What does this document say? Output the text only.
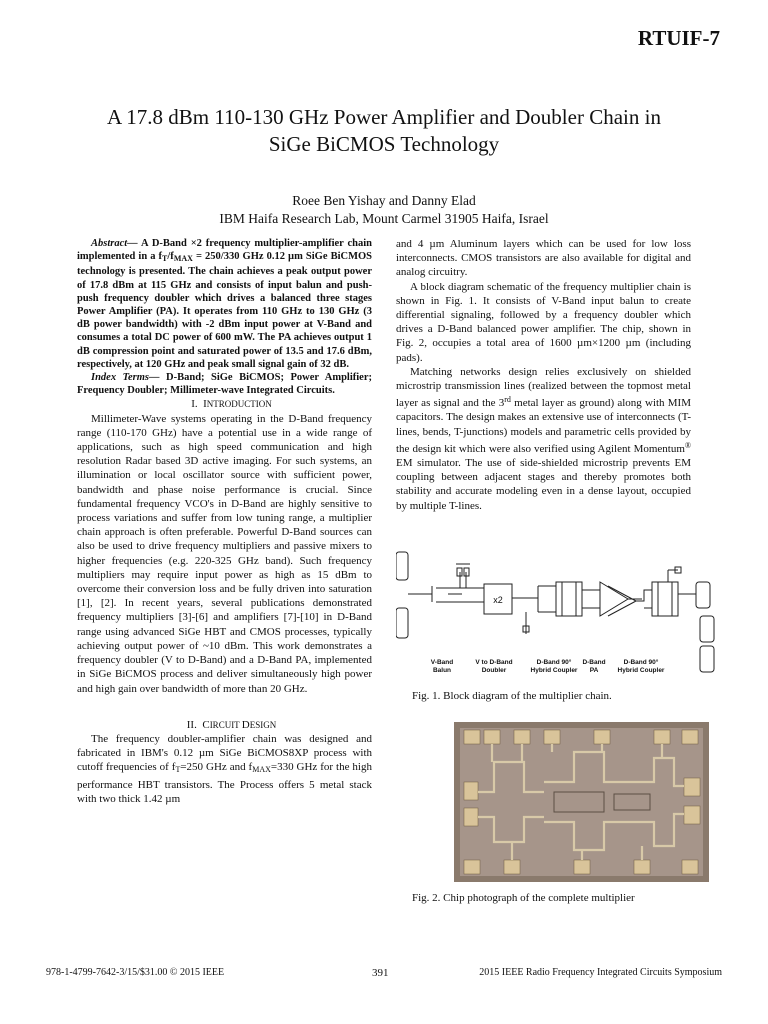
RTUIF-7
A 17.8 dBm 110-130 GHz Power Amplifier and Doubler Chain in
SiGe BiCMOS Technology
Roee Ben Yishay and Danny Elad
IBM Haifa Research Lab, Mount Carmel 31905 Haifa, Israel

Abstract— A D-Band ×2 frequency multiplier-amplifier chain implemented in a $f_T/f_{MAX} = 250/330$ GHz 0.12 µm SiGe BiCMOS technology is presented. The chain achieves a peak output power of 17.8 dBm at 115 GHz and consists of input balun and push-push frequency doubler which drives a balanced three stages Power Amplifier (PA). It operates from 110 GHz to 130 GHz (3 dB power bandwidth) with -2 dBm input power at V-Band and consumes a total DC power of 600 mW. The PA achieves output 1 dB compression point and saturated power of 13.5 and 17.6 dBm, respectively, at 120 GHz and peak small signal gain of 32 dB.

Index Terms— D-Band; SiGe BiCMOS; Power Amplifier; Frequency Doubler; Millimeter-wave Integrated Circuits.

I. INTRODUCTION

Millimeter-Wave systems operating in the D-Band frequency range (110-170 GHz) have a potential use in a wide range of applications, such as high speed communication and high resolution Radar based 3D active imaging. For such systems, an illumination or local oscillator source with sufficient power, bandwidth and phase noise performance is crucial. Since fundamental frequency VCO's in D-Band are highly sensitive to process variations and suffer from low tuning range, a multiplier chain approach is often preferable. Powerful D-Band sources can also be used to drive frequency multipliers and passive mixers to higher frequencies (e.g. 220-325 GHz band). Such frequency multipliers may require input power as high as 15 dBm to overcome their conversion loss and be fully driven into saturation [1], [2]. In recent years, several publications demonstrated frequency multipliers [3]-[6] and amplifiers [7]-[10] in D-Band range using advanced SiGe HBT and CMOS processes, typically achieving output power of ~10 dBm. This work demonstrates a frequency doubler (V to D-Band) and a D-Band PA, implemented in SiGe BiCMOS process and deliver simultaneously high power and high gain over bandwidth of more than 20 GHz.

II. CIRCUIT DESIGN

The frequency doubler-amplifier chain was designed and fabricated in IBM's 0.12 µm SiGe BiCMOS8XP process with cutoff frequencies of $f_T=250$ GHz and $f_{MAX}=330$ GHz for the high performance HBT transistors. The Process offers 5 metal stack with two thick 1.42 µm

and 4 µm Aluminum layers which can be used for low loss interconnects. CMOS transistors are also available for digital and analog circuitry.

A block diagram schematic of the frequency multiplier chain is shown in Fig. 1. It consists of V-Band input balun to create differential signaling, followed by a frequency doubler which drives a D-Band balanced power amplifier. The chip, shown in Fig. 2, occupies a total area of 1600 µm×1200 µm (including pads).

Matching networks design relies exclusively on shielded microstrip transmission lines (realized between the topmost metal layer as signal and the 3rd metal layer as ground) along with MIM capacitors. The design makes an extensive use of interconnects (T-lines, bends, T-junctions) models and parametric cells provided by the design kit which were also verified using Agilent Momentum® EM simulator. The use of side-shielded microstrip prevents EM coupling between adjacent stages and thereby promotes both stability and accurate modeling even in a dense layout, occupied by multiple T-lines.

x2
V-Band
Balun
V to D-Band
Doubler
D-Band 90°
Hybrid Coupler
D-Band
PA
D-Band 90°
Hybrid Coupler
Fig. 1. Block diagram of the multiplier chain.
Fig. 2. Chip photograph of the complete multiplier
978-1-4799-7642-3/15/$31.00 © 2015 IEEE	391	2015 IEEE Radio Frequency Integrated Circuits Symposium
